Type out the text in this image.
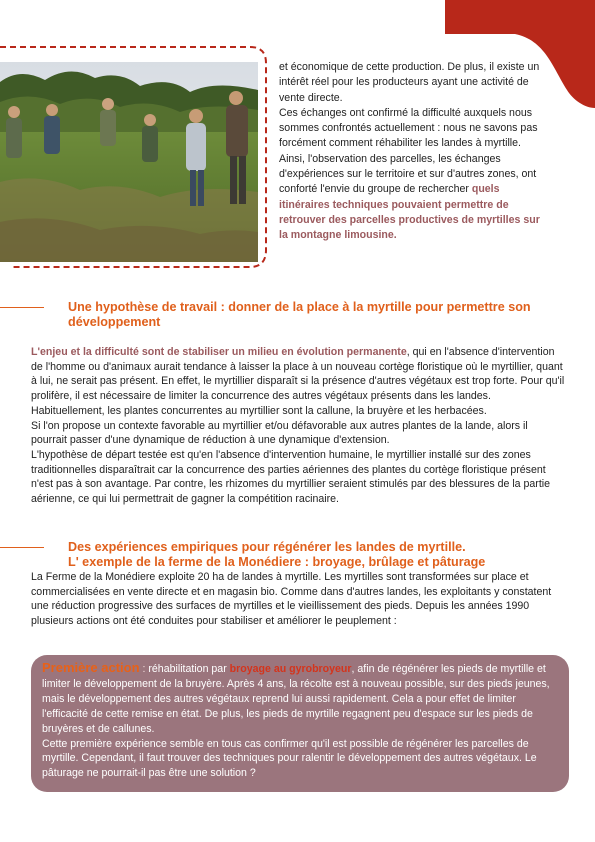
et économique de cette production. De plus, il existe un intérêt réel pour les producteurs ayant une activité de vente directe.
Ces échanges ont confirmé la difficulté auxquels nous sommes confrontés actuellement : nous ne savons pas forcément comment réhabiliter les landes à myrtille.
Ainsi, l'observation des parcelles, les échanges d'expériences sur le territoire et sur d'autres zones, ont conforté l'envie du groupe de rechercher quels itinéraires techniques pouvaient permettre de retrouver des parcelles productives de myrtilles sur la montagne limousine.
Une hypothèse de travail : donner de la place à la myrtille pour permettre son développement
L'enjeu et la difficulté sont de stabiliser un milieu en évolution permanente, qui en l'absence d'intervention de l'homme ou d'animaux aurait tendance à laisser la place à un nouveau cortège floristique où le myrtillier, quant à lui, ne serait pas présent. En effet, le myrtillier disparaît si la présence d'autres végétaux est trop forte. Pour qu'il prolifère, il est nécessaire de limiter la concurrence des autres végétaux présents dans les landes. Habituellement, les plantes concurrentes au myrtillier sont la callune, la bruyère et les herbacées.
Si l'on propose un contexte favorable au myrtillier et/ou défavorable aux autres plantes de la lande, alors il pourrait passer d'une dynamique de réduction à une dynamique d'extension.
L'hypothèse de départ testée est qu'en l'absence d'intervention humaine, le myrtillier installé sur des zones traditionnelles disparaîtrait car la concurrence des parties aériennes des plantes du cortège floristique présent n'est pas à son avantage. Par contre, les rhizomes du myrtillier seraient stimulés par des blessures de la partie aérienne, ce qui lui permettrait de gagner la compétition racinaire.
Des expériences empiriques pour régénérer les landes de myrtille.
L' exemple de la ferme de la Monédiere : broyage, brûlage et pâturage
La Ferme de la Monédiere exploite 20 ha de landes à myrtille. Les myrtilles sont transformées sur place et commercialisées en vente directe et en magasin bio. Comme dans d'autres landes, les exploitants y constatent une réduction progressive des surfaces de myrtilles et le vieillissement des pieds. Depuis les années 1990 plusieurs actions ont été conduites pour stabiliser et améliorer le peuplement :
Première action : réhabilitation par broyage au gyrobroyeur, afin de régénérer les pieds de myrtille et limiter le développement de la bruyère. Après 4 ans, la récolte est à nouveau possible, sur des pieds jeunes, mais le développement des autres végétaux reprend lui aussi rapidement. Cela a pour effet de limiter l'efficacité de cette remise en état. De plus, les pieds de myrtille regagnent peu d'espace sur les pieds de bruyères et de callunes.
Cette première expérience semble en tous cas confirmer qu'il est possible de régénérer les parcelles de myrtille. Cependant, il faut trouver des techniques pour ralentir le développement des autres végétaux. Le pâturage ne pourrait-il pas être une solution ?
